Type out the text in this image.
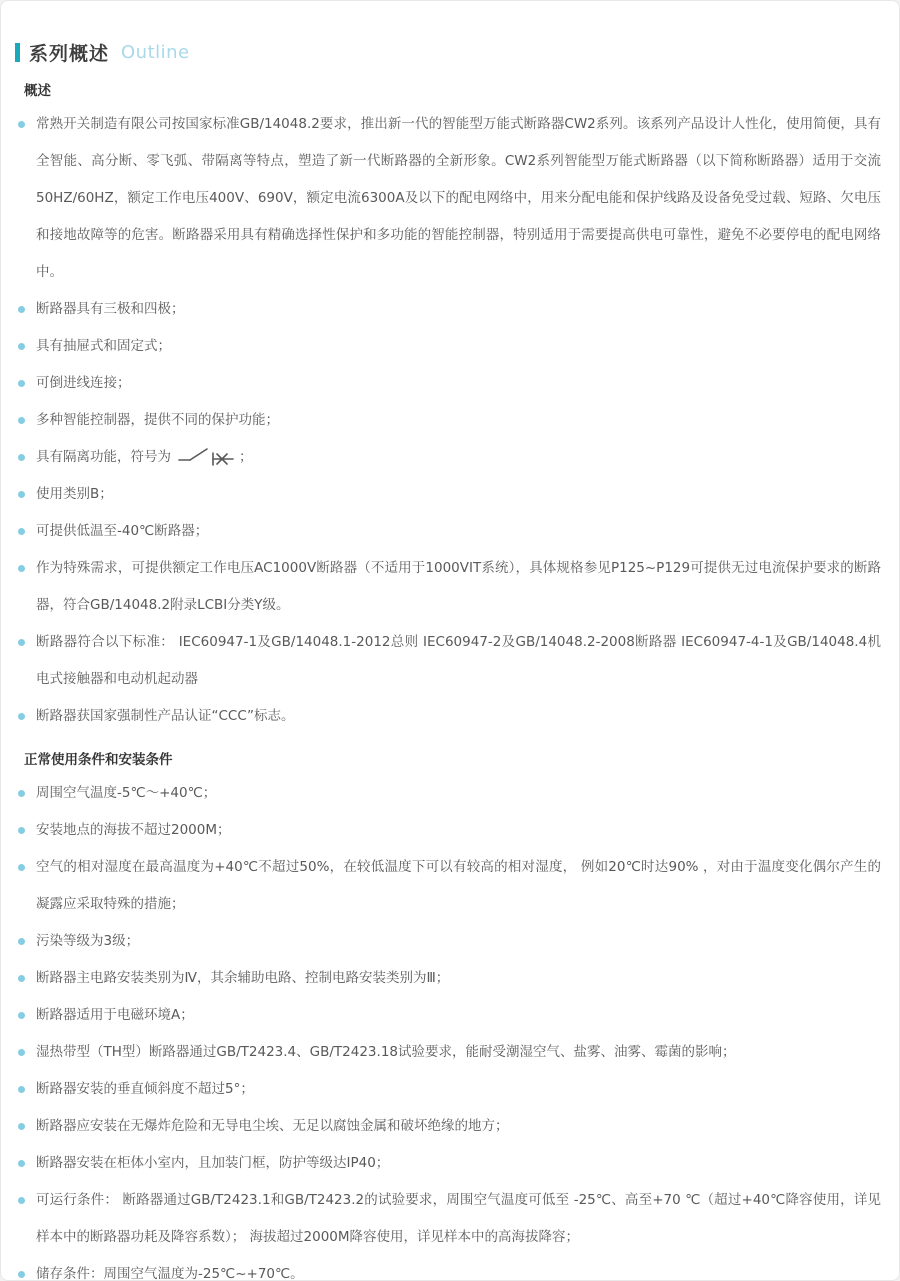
系列概述 Outline
概述
常熟开关制造有限公司按国家标准GB/14048.2要求，推出新一代的智能型万能式断路器CW2系列。该系列产品设计人性化，使用简便，具有全智能、高分断、零飞弧、带隔离等特点，塑造了新一代断路器的全新形象。CW2系列智能型万能式断路器（以下简称断路器）适用于交流50HZ/60HZ，额定工作电压400V、690V，额定电流6300A及以下的配电网络中，用来分配电能和保护线路及设备免受过载、短路、欠电压和接地故障等的危害。断路器采用具有精确选择性保护和多功能的智能控制器，特别适用于需要提高供电可靠性，避免不必要停电的配电网络中。
断路器具有三极和四极；
具有抽屉式和固定式；
可倒进线连接；
多种智能控制器，提供不同的保护功能；
具有隔离功能，符号为	；
使用类别B；
可提供低温至-40℃断路器；
作为特殊需求，可提供额定工作电压AC1000V断路器（不适用于1000VIT系统），具体规格参见P125~P129可提供无过电流保护要求的断路器，符合GB/14048.2附录LCBI分类Y级。
断路器符合以下标准： IEC60947-1及GB/14048.1-2012总则 IEC60947-2及GB/14048.2-2008断路器 IEC60947-4-1及GB/14048.4机电式接触器和电动机起动器
断路器获国家强制性产品认证“CCC”标志。
正常使用条件和安装条件
周围空气温度-5℃～+40℃；
安装地点的海拔不超过2000M；
空气的相对湿度在最高温度为+40℃不超过50%，在较低温度下可以有较高的相对湿度， 例如20℃时达90% ，对由于温度变化偶尔产生的凝露应采取特殊的措施；
污染等级为3级；
断路器主电路安装类别为Ⅳ，其余辅助电路、控制电路安装类别为Ⅲ；
断路器适用于电磁环境A；
湿热带型（TH型）断路器通过GB/T2423.4、GB/T2423.18试验要求，能耐受潮湿空气、盐雾、油雾、霉菌的影响；
断路器安装的垂直倾斜度不超过5°；
断路器应安装在无爆炸危险和无导电尘埃、无足以腐蚀金属和破坏绝缘的地方；
断路器安装在柜体小室内，且加装门框，防护等级达IP40；
可运行条件： 断路器通过GB/T2423.1和GB/T2423.2的试验要求，周围空气温度可低至 -25℃、高至+70 ℃（超过+40℃降容使用，详见样本中的断路器功耗及降容系数）； 海拔超过2000M降容使用，详见样本中的高海拔降容；
储存条件：周围空气温度为-25℃~+70℃。
